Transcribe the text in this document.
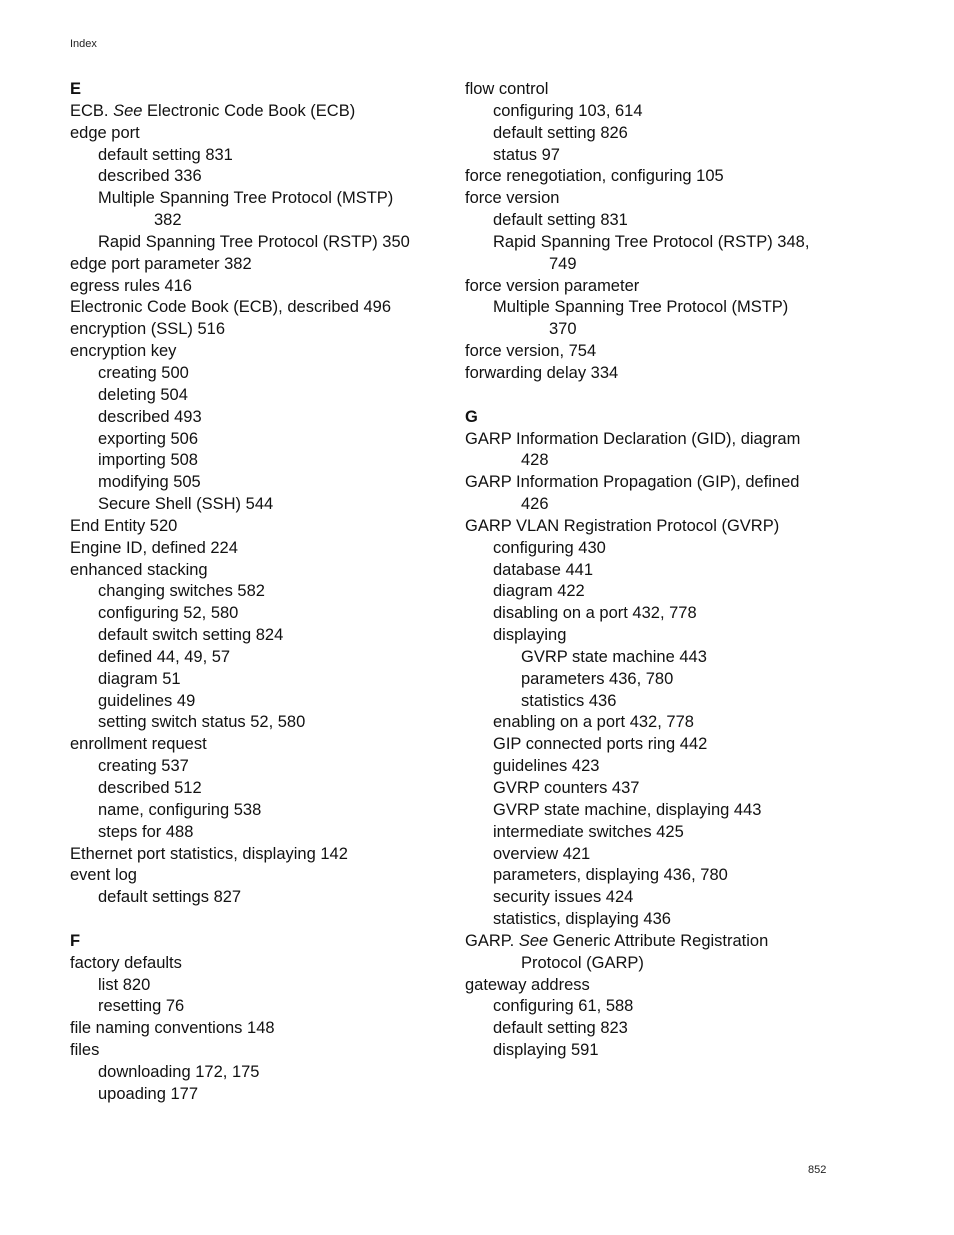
Index
E
ECB. See Electronic Code Book (ECB)
edge port
default setting 831
described 336
Multiple Spanning Tree Protocol (MSTP)
382
Rapid Spanning Tree Protocol (RSTP) 350
edge port parameter 382
egress rules 416
Electronic Code Book (ECB), described 496
encryption (SSL) 516
encryption key
creating 500
deleting 504
described 493
exporting 506
importing 508
modifying 505
Secure Shell (SSH) 544
End Entity 520
Engine ID, defined 224
enhanced stacking
changing switches 582
configuring 52, 580
default switch setting 824
defined 44, 49, 57
diagram 51
guidelines 49
setting switch status 52, 580
enrollment request
creating 537
described 512
name, configuring 538
steps for 488
Ethernet port statistics, displaying 142
event log
default settings 827
F
factory defaults
list 820
resetting 76
file naming conventions 148
files
downloading 172, 175
upoading 177
flow control
configuring 103, 614
default setting 826
status 97
force renegotiation, configuring 105
force version
default setting 831
Rapid Spanning Tree Protocol (RSTP) 348,
749
force version parameter
Multiple Spanning Tree Protocol (MSTP)
370
force version, 754
forwarding delay 334
G
GARP Information Declaration (GID), diagram
428
GARP Information Propagation (GIP), defined
426
GARP VLAN Registration Protocol (GVRP)
configuring 430
database 441
diagram 422
disabling on a port 432, 778
displaying
GVRP state machine 443
parameters 436, 780
statistics 436
enabling on a port 432, 778
GIP connected ports ring 442
guidelines 423
GVRP counters 437
GVRP state machine, displaying 443
intermediate switches 425
overview 421
parameters, displaying 436, 780
security issues 424
statistics, displaying 436
GARP. See Generic Attribute Registration
Protocol (GARP)
gateway address
configuring 61, 588
default setting 823
displaying 591
852
